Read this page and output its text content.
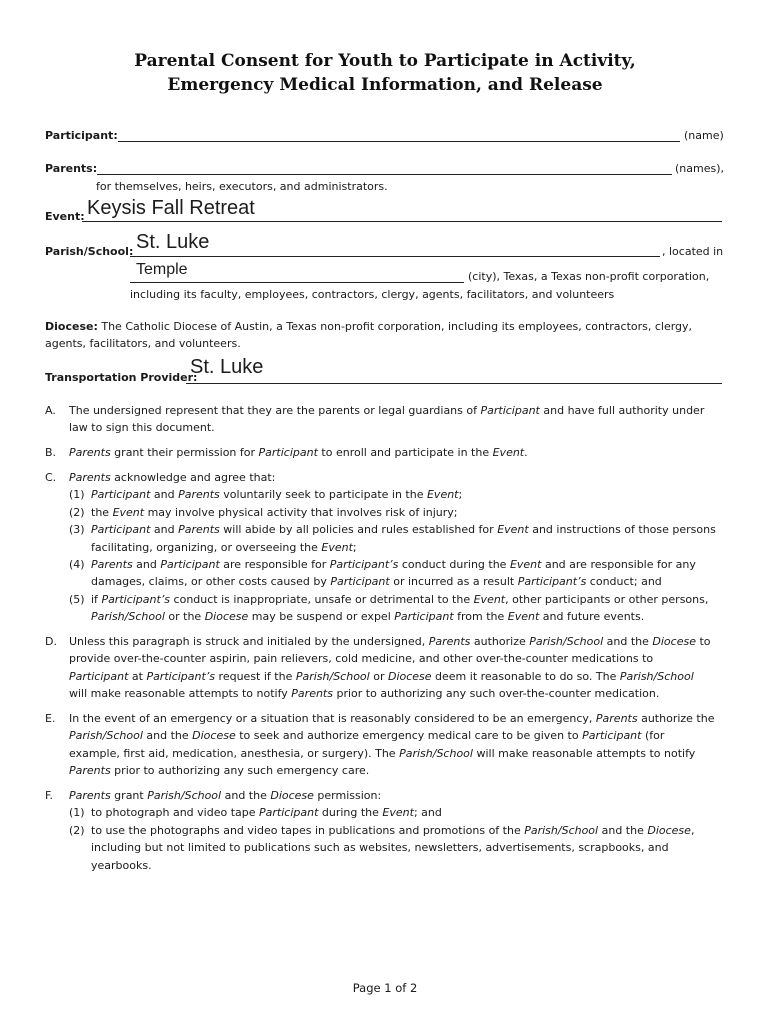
Parental Consent for Youth to Participate in Activity,
Emergency Medical Information, and Release
Participant:	(name)
Parents:	(names),
for themselves, heirs, executors, and administrators.
Event: Keysis Fall Retreat
Parish/School: St. Luke	, located in
Temple	(city), Texas, a Texas non-profit corporation,
including its faculty, employees, contractors, clergy, agents, facilitators, and volunteers
Diocese: The Catholic Diocese of Austin, a Texas non-profit corporation, including its employees, contractors, clergy,
agents, facilitators, and volunteers.
Transportation Provider:
St. Luke
A. The undersigned represent that they are the parents or legal guardians of Participant and have full authority under
law to sign this document.
B. Parents grant their permission for Participant to enroll and participate in the Event.
C. Parents acknowledge and agree that:
(1) Participant and Parents voluntarily seek to participate in the Event;
(2) the Event may involve physical activity that involves risk of injury;
(3) Participant and Parents will abide by all policies and rules established for Event and instructions of those persons
facilitating, organizing, or overseeing the Event;
(4) Parents and Participant are responsible for Participant’s conduct during the Event and are responsible for any
damages, claims, or other costs caused by Participant or incurred as a result Participant’s conduct; and
(5) if Participant’s conduct is inappropriate, unsafe or detrimental to the Event, other participants or other persons,
Parish/School or the Diocese may be suspend or expel Participant from the Event and future events.
D. Unless this paragraph is struck and initialed by the undersigned, Parents authorize Parish/School and the Diocese to
provide over-the-counter aspirin, pain relievers, cold medicine, and other over-the-counter medications to
Participant at Participant’s request if the Parish/School or Diocese deem it reasonable to do so. The Parish/School
will make reasonable attempts to notify Parents prior to authorizing any such over-the-counter medication.
E. In the event of an emergency or a situation that is reasonably considered to be an emergency, Parents authorize the
Parish/School and the Diocese to seek and authorize emergency medical care to be given to Participant (for
example, first aid, medication, anesthesia, or surgery). The Parish/School will make reasonable attempts to notify
Parents prior to authorizing any such emergency care.
F. Parents grant Parish/School and the Diocese permission:
(1) to photograph and video tape Participant during the Event; and
(2) to use the photographs and video tapes in publications and promotions of the Parish/School and the Diocese,
including but not limited to publications such as websites, newsletters, advertisements, scrapbooks, and
yearbooks.
Page 1 of 2
